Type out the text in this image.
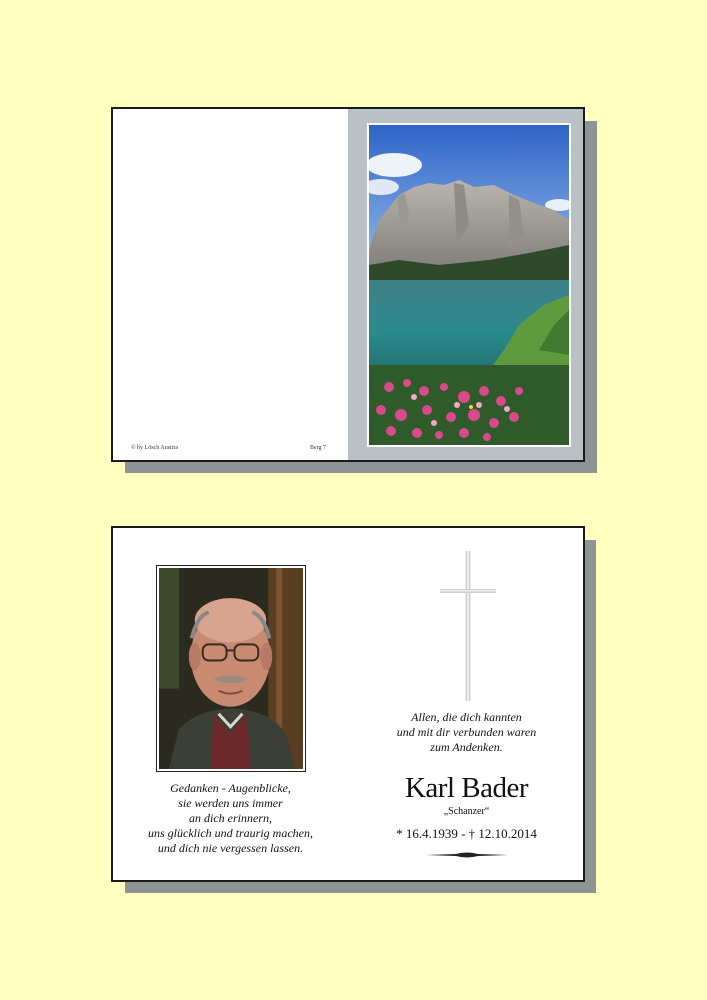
© by Lösch Austria	Berg 7
Gedanken - Augenblicke,
sie werden uns immer
an dich erinnern,
uns glücklich und traurig machen,
und dich nie vergessen lassen.
Allen, die dich kannten
und mit dir verbunden waren
zum Andenken.
Karl Bader
„Schanzer“
* 16.4.1939 - † 12.10.2014
